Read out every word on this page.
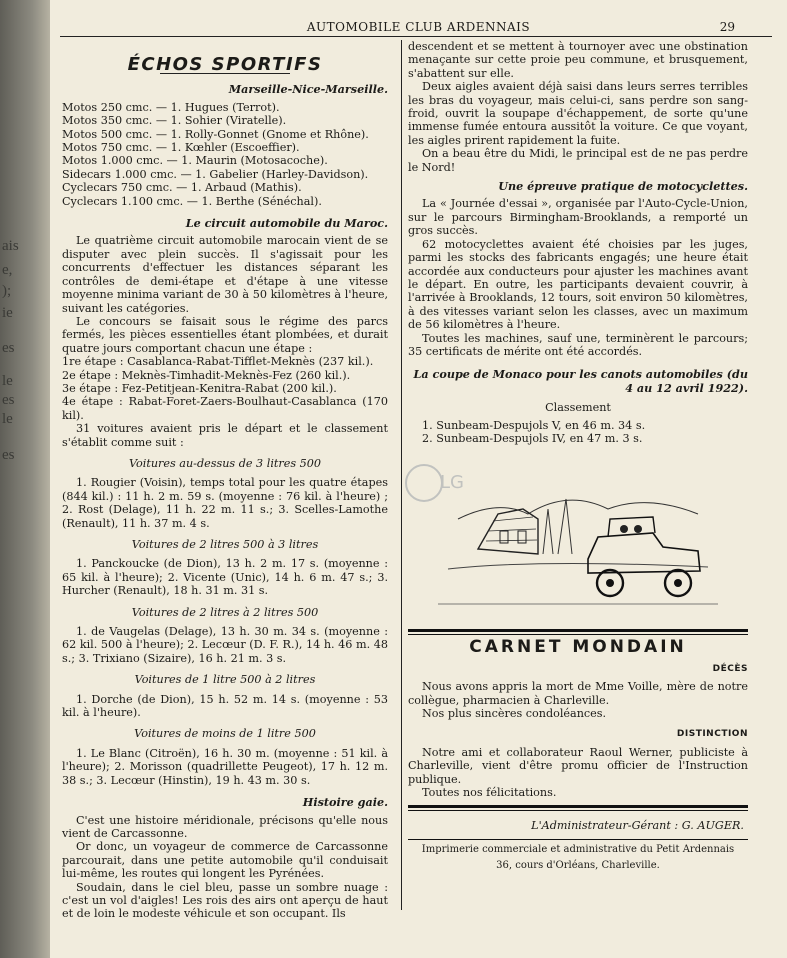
ais
e,
);
ie
es
le
es
le
es
AUTOMOBILE CLUB ARDENNAIS	29
ÉCHOS SPORTIFS
Marseille-Nice-Marseille.
Motos 250 cmc. — 1. Hugues (Terrot).
Motos 350 cmc. — 1. Sohier (Viratelle).
Motos 500 cmc. — 1. Rolly-Gonnet (Gnome et Rhône).
Motos 750 cmc. — 1. Kœhler (Escoeffier).
Motos 1.000 cmc. — 1. Maurin (Motosacoche).
Sidecars 1.000 cmc. — 1. Gabelier (Harley-Davidson).
Cyclecars 750 cmc. — 1. Arbaud (Mathis).
Cyclecars 1.100 cmc. — 1. Berthe (Sénéchal).
Le circuit automobile du Maroc.

Le quatrième circuit automobile marocain vient de se disputer avec plein succès. Il s'agissait pour les concurrents d'effectuer les distances séparant les contrôles de demi-étape et d'étape à une vitesse moyenne minima variant de 30 à 50 kilomètres à l'heure, suivant les catégories.

Le concours se faisait sous le régime des parcs fermés, les pièces essentielles étant plombées, et durait quatre jours comportant chacun une étape :

1re étape : Casablanca-Rabat-Tifflet-Meknès (237 kil.).
2e étape : Meknès-Timhadit-Meknès-Fez (260 kil.).
3e étape : Fez-Petitjean-Kenitra-Rabat (200 kil.).
4e étape : Rabat-Foret-Zaers-Boulhaut-Casablanca (170 kil).

31 voitures avaient pris le départ et le classement s'établit comme suit :

Voitures au-dessus de 3 litres 500

1. Rougier (Voisin), temps total pour les quatre étapes (844 kil.) : 11 h. 2 m. 59 s. (moyenne : 76 kil. à l'heure) ; 2. Rost (Delage), 11 h. 22 m. 11 s.; 3. Scelles-Lamothe (Renault), 11 h. 37 m. 4 s.

Voitures de 2 litres 500 à 3 litres

1. Panckoucke (de Dion), 13 h. 2 m. 17 s. (moyenne : 65 kil. à l'heure); 2. Vicente (Unic), 14 h. 6 m. 47 s.; 3. Hurcher (Renault), 18 h. 31 m. 31 s.

Voitures de 2 litres à 2 litres 500

1. de Vaugelas (Delage), 13 h. 30 m. 34 s. (moyenne : 62 kil. 500 à l'heure); 2. Lecœur (D. F. R.), 14 h. 46 m. 48 s.; 3. Trixiano (Sizaire), 16 h. 21 m. 3 s.

Voitures de 1 litre 500 à 2 litres

1. Dorche (de Dion), 15 h. 52 m. 14 s. (moyenne : 53 kil. à l'heure).

Voitures de moins de 1 litre 500

1. Le Blanc (Citroën), 16 h. 30 m. (moyenne : 51 kil. à l'heure); 2. Morisson (quadrillette Peugeot), 17 h. 12 m. 38 s.; 3. Lecœur (Hinstin), 19 h. 43 m. 30 s.

Histoire gaie.

C'est une histoire méridionale, précisons qu'elle nous vient de Carcassonne.

Or donc, un voyageur de commerce de Carcassonne parcourait, dans une petite automobile qu'il conduisait lui-même, les routes qui longent les Pyrénées.

Soudain, dans le ciel bleu, passe un sombre nuage : c'est un vol d'aigles! Les rois des airs ont aperçu de haut et de loin le modeste véhicule et son occupant. Ils

LG

descendent et se mettent à tournoyer avec une obstination menaçante sur cette proie peu commune, et brusquement, s'abattent sur elle.

Deux aigles avaient déjà saisi dans leurs serres terribles les bras du voyageur, mais celui-ci, sans perdre son sang-froid, ouvrit la soupape d'échappement, de sorte qu'une immense fumée entoura aussitôt la voiture. Ce que voyant, les aigles prirent rapidement la fuite.

On a beau être du Midi, le principal est de ne pas perdre le Nord!

Une épreuve pratique de motocyclettes.

La « Journée d'essai », organisée par l'Auto-Cycle-Union, sur le parcours Birmingham-Brooklands, a remporté un gros succès.

62 motocyclettes avaient été choisies par les juges, parmi les stocks des fabricants engagés; une heure était accordée aux conducteurs pour ajuster les machines avant le départ. En outre, les participants devaient couvrir, à l'arrivée à Brooklands, 12 tours, soit environ 50 kilomètres, à des vitesses variant selon les classes, avec un maximum de 56 kilomètres à l'heure.

Toutes les machines, sauf une, terminèrent le parcours; 35 certificats de mérite ont été accordés.

La coupe de Monaco pour les canots automobiles (du 4 au 12 avril 1922).
Classement
1. Sunbeam-Despujols V, en 46 m. 34 s.
2. Sunbeam-Despujols IV, en 47 m. 3 s.
CARNET MONDAIN
DÉCÈS

Nous avons appris la mort de Mme Voille, mère de notre collègue, pharmacien à Charleville.

Nos plus sincères condoléances.

DISTINCTION

Notre ami et collaborateur Raoul Werner, publiciste à Charleville, vient d'être promu officier de l'Instruction publique.

Toutes nos félicitations.

L'Administrateur-Gérant : G. AUGER.
Imprimerie commerciale et administrative du Petit Ardennais
36, cours d'Orléans, Charleville.
